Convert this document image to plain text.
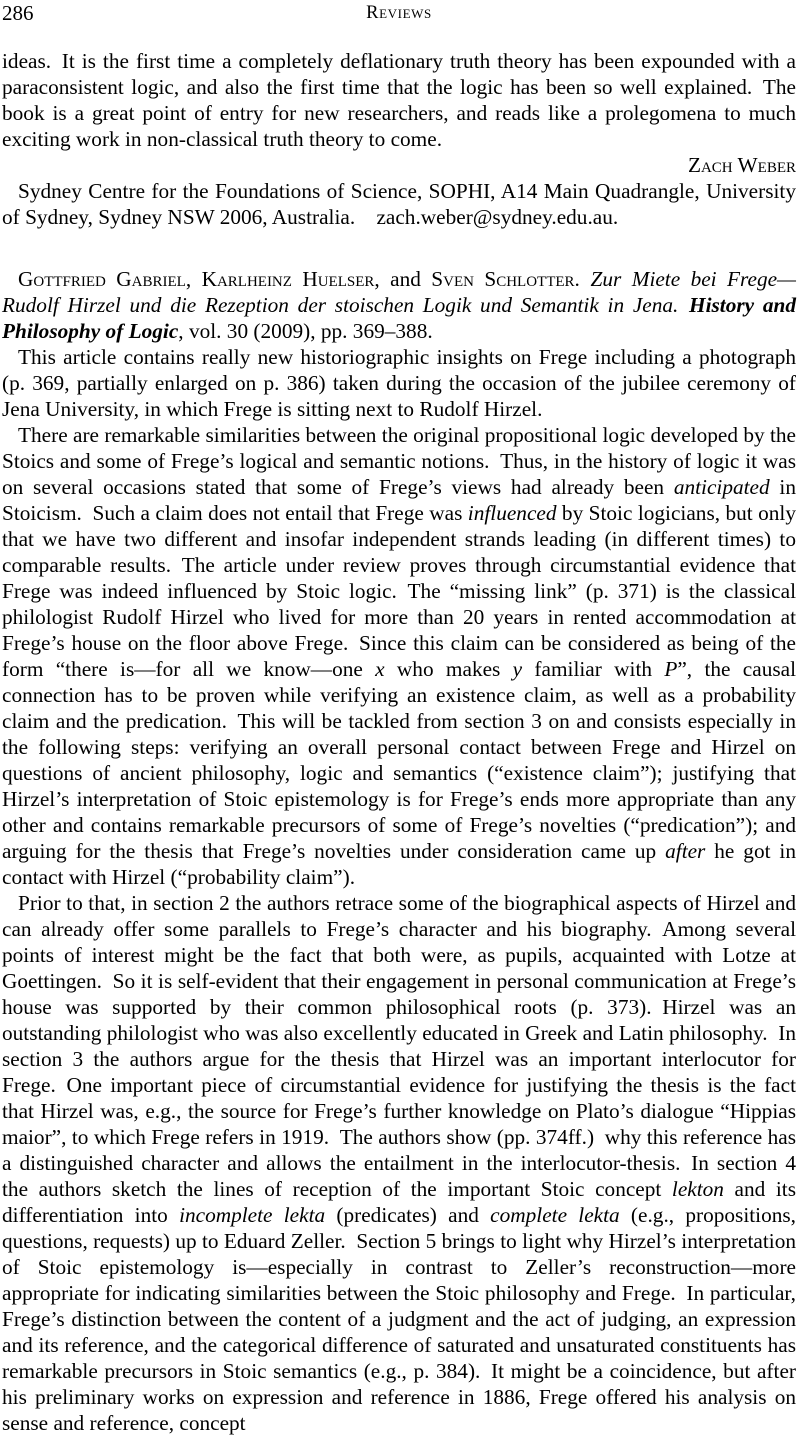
286	Reviews

ideas. It is the first time a completely deflationary truth theory has been expounded with a paraconsistent logic, and also the first time that the logic has been so well explained. The book is a great point of entry for new researchers, and reads like a prolegomena to much exciting work in non-classical truth theory to come.

Zach Weber

Sydney Centre for the Foundations of Science, SOPHI, A14 Main Quadrangle, University of Sydney, Sydney NSW 2006, Australia.  zach.weber@sydney.edu.au.

Gottfried Gabriel, Karlheinz Huelser, and Sven Schlotter. Zur Miete bei Frege—Rudolf Hirzel und die Rezeption der stoischen Logik und Semantik in Jena.  History and Philosophy of Logic, vol. 30 (2009), pp. 369–388.

This article contains really new historiographic insights on Frege including a photograph (p. 369, partially enlarged on p. 386) taken during the occasion of the jubilee ceremony of Jena University, in which Frege is sitting next to Rudolf Hirzel.

There are remarkable similarities between the original propositional logic developed by the Stoics and some of Frege’s logical and semantic notions. Thus, in the history of logic it was on several occasions stated that some of Frege’s views had already been anticipated in Stoicism. Such a claim does not entail that Frege was influenced by Stoic logicians, but only that we have two different and insofar independent strands leading (in different times) to comparable results. The article under review proves through circumstantial evidence that Frege was indeed influenced by Stoic logic. The “missing link” (p. 371) is the classical philologist Rudolf Hirzel who lived for more than 20 years in rented accommodation at Frege’s house on the floor above Frege. Since this claim can be considered as being of the form “there is—for all we know—one x who makes y familiar with P”, the causal connection has to be proven while verifying an existence claim, as well as a probability claim and the predication. This will be tackled from section 3 on and consists especially in the following steps: verifying an overall personal contact between Frege and Hirzel on questions of ancient philosophy, logic and semantics (“existence claim”); justifying that Hirzel’s interpretation of Stoic epistemology is for Frege’s ends more appropriate than any other and contains remarkable precursors of some of Frege’s novelties (“predication”); and arguing for the thesis that Frege’s novelties under consideration came up after he got in contact with Hirzel (“probability claim”).

Prior to that, in section 2 the authors retrace some of the biographical aspects of Hirzel and can already offer some parallels to Frege’s character and his biography. Among several points of interest might be the fact that both were, as pupils, acquainted with Lotze at Goettingen. So it is self-evident that their engagement in personal communication at Frege’s house was supported by their common philosophical roots (p. 373). Hirzel was an outstanding philologist who was also excellently educated in Greek and Latin philosophy. In section 3 the authors argue for the thesis that Hirzel was an important interlocutor for Frege. One important piece of circumstantial evidence for justifying the thesis is the fact that Hirzel was, e.g., the source for Frege’s further knowledge on Plato’s dialogue “Hippias maior”, to which Frege refers in 1919. The authors show (pp. 374ff.) why this reference has a distinguished character and allows the entailment in the interlocutor-thesis. In section 4 the authors sketch the lines of reception of the important Stoic concept lekton and its differentiation into incomplete lekta (predicates) and complete lekta (e.g., propositions, questions, requests) up to Eduard Zeller. Section 5 brings to light why Hirzel’s interpretation of Stoic epistemology is—especially in contrast to Zeller’s reconstruction—more appropriate for indicating similarities between the Stoic philosophy and Frege. In particular, Frege’s distinction between the content of a judgment and the act of judging, an expression and its reference, and the categorical difference of saturated and unsaturated constituents has remarkable precursors in Stoic semantics (e.g., p. 384). It might be a coincidence, but after his preliminary works on expression and reference in 1886, Frege offered his analysis on sense and reference, concept
